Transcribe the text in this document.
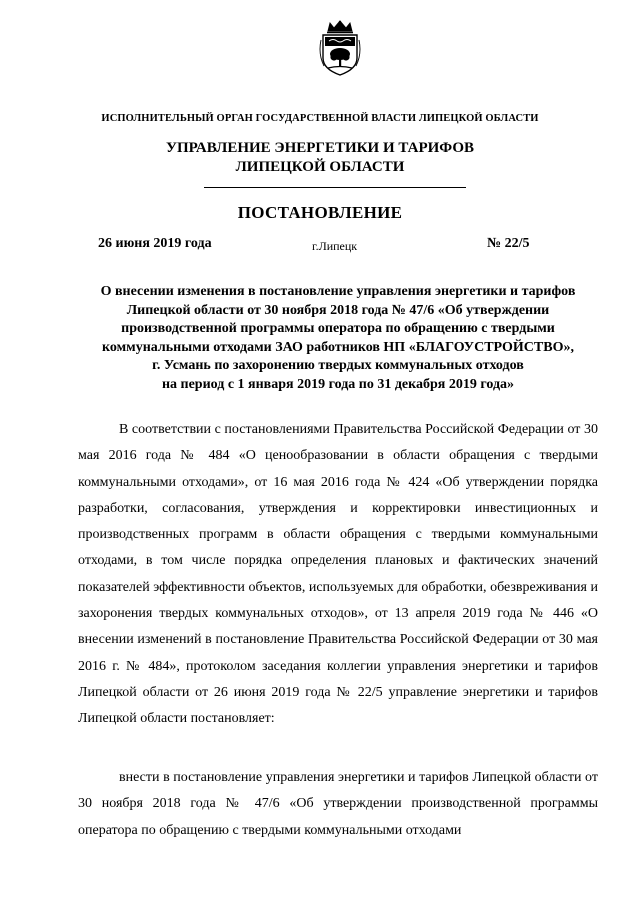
ИСПОЛНИТЕЛЬНЫЙ ОРГАН ГОСУДАРСТВЕННОЙ ВЛАСТИ ЛИПЕЦКОЙ ОБЛАСТИ
УПРАВЛЕНИЕ ЭНЕРГЕТИКИ И ТАРИФОВ
ЛИПЕЦКОЙ ОБЛАСТИ
ПОСТАНОВЛЕНИЕ
26 июня 2019 года	г.Липецк	№ 22/5
О внесении изменения в постановление управления энергетики и тарифов
Липецкой области от 30 ноября 2018 года № 47/6 «Об утверждении
производственной программы оператора по обращению с твердыми
коммунальными отходами ЗАО работников НП «БЛАГОУСТРОЙСТВО»,
г. Усмань по захоронению твердых коммунальных отходов
на период с 1 января 2019 года по 31 декабря 2019 года»

В соответствии с постановлениями Правительства Российской Федерации от 30 мая 2016 года № 484 «О ценообразовании в области обращения с твердыми коммунальными отходами», от 16 мая 2016 года № 424 «Об утверждении порядка разработки, согласования, утверждения и корректировки инвестиционных и производственных программ в области обращения с твердыми коммунальными отходами, в том числе порядка определения плановых и фактических значений показателей эффективности объектов, используемых для обработки, обезвреживания и захоронения твердых коммунальных отходов», от 13 апреля 2019 года № 446 «О внесении изменений в постановление Правительства Российской Федерации от 30 мая 2016 г. № 484», протоколом заседания коллегии управления энергетики и тарифов Липецкой области от 26 июня 2019 года № 22/5 управление энергетики и тарифов Липецкой области постановляет:

внести в постановление управления энергетики и тарифов Липецкой области от 30 ноября 2018 года № 47/6 «Об утверждении производственной программы оператора по обращению с твердыми коммунальными отходами
